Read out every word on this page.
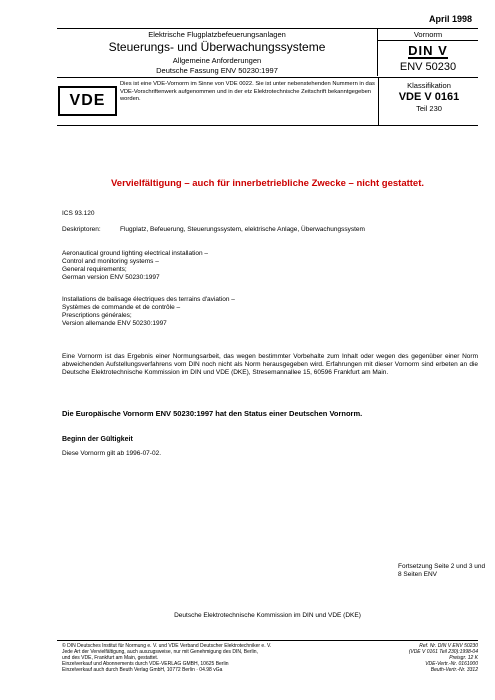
April 1998
Elektrische Flugplatzbefeuerungsanlagen
Steuerungs- und Überwachungssysteme
Allgemeine Anforderungen
Deutsche Fassung ENV 50230:1997
Vornorm
DIN V
ENV 50230
VDE
Dies ist eine VDE-Vornorm im Sinne von VDE 0022. Sie ist unter nebenstehenden Nummern in das VDE-Vorschriftenwerk aufgenommen und in der etz Elektrotechnische Zeitschrift bekanntgegeben worden.
Klassifikation
VDE V 0161
Teil 230
Vervielfältigung – auch für innerbetriebliche Zwecke – nicht gestattet.
ICS 93.120
Deskriptoren:	Flugplatz, Befeuerung, Steuerungssystem, elektrische Anlage, Überwachungssystem
Aeronautical ground lighting electrical installation –
Control and monitoring systems –
General requirements;
German version ENV 50230:1997
Installations de balisage électriques des terrains d'aviation –
Systèmes de commande et de contrôle –
Prescriptions générales;
Version allemande ENV 50230:1997
Eine Vornorm ist das Ergebnis einer Normungsarbeit, das wegen bestimmter Vorbehalte zum Inhalt oder wegen des gegenüber einer Norm abweichenden Aufstellungsverfahrens vom DIN noch nicht als Norm herausgegeben wird. Erfahrungen mit dieser Vornorm sind erbeten an die Deutsche Elektrotechnische Kommission im DIN und VDE (DKE), Stresemannallee 15, 60596 Frankfurt am Main.
Die Europäische Vornorm ENV 50230:1997 hat den Status einer Deutschen Vornorm.
Beginn der Gültigkeit
Diese Vornorm gilt ab 1996-07-02.
Fortsetzung Seite 2 und 3 und
8 Seiten ENV
Deutsche Elektrotechnische Kommission im DIN und VDE (DKE)
© DIN Deutsches Institut für Normung e. V. und VDE Verband Deutscher Elektrotechniker e. V.
Jede Art der Vervielfältigung, auch auszugsweise, nur mit Genehmigung des DIN, Berlin,
und des VDE, Frankfurt am Main, gestattet.
Einzelverkauf und Abonnements durch VDE-VERLAG GMBH, 10625 Berlin
Einzelverkauf auch durch Beuth Verlag GmbH, 10772 Berlin · 04.98 vGa
Ref. Nr. DIN V ENV 50230
(VDE V 0161 Teil 230):1998-04
Preisgr. 12 K
VDE-Vertr.-Nr. 0161000
Beuth-Vertr.-Nr. 3312
